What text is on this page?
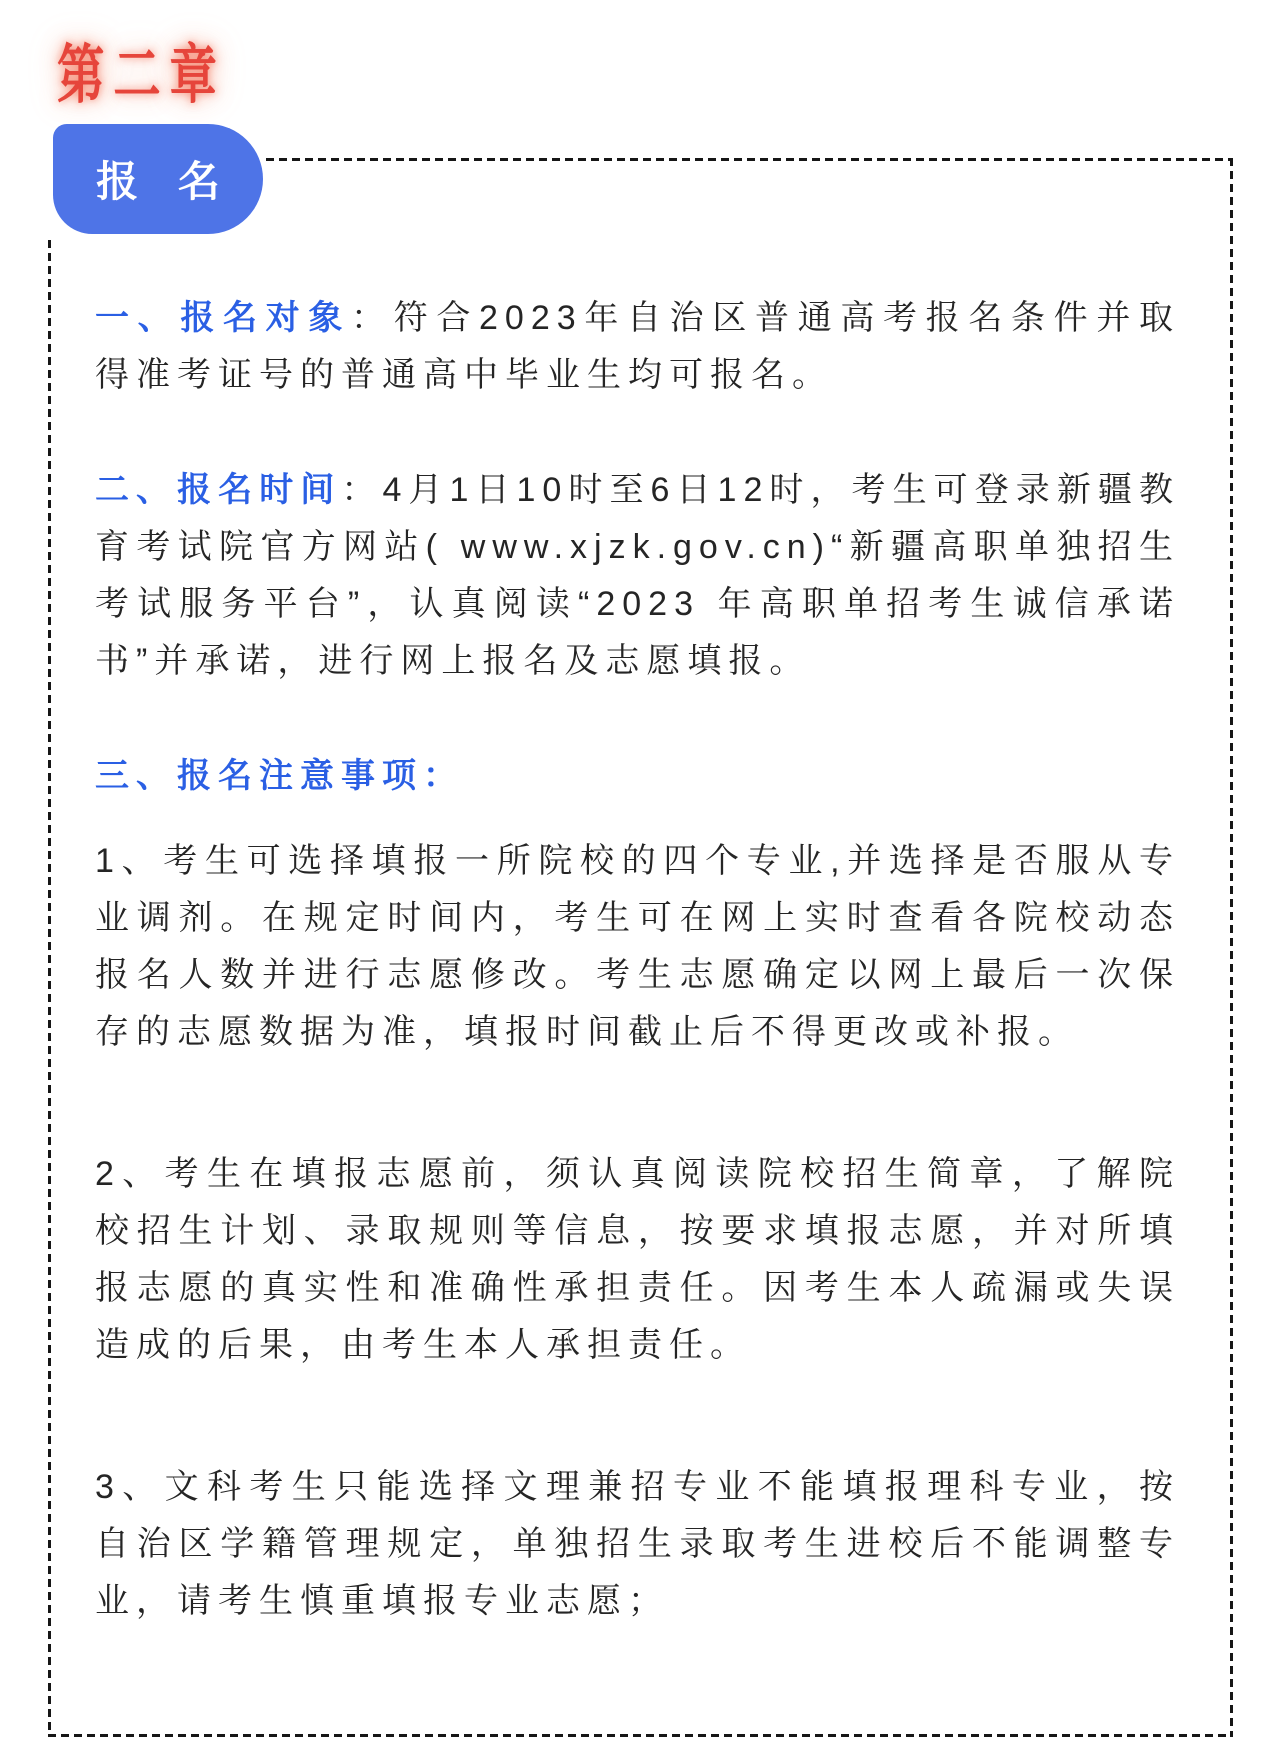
第二章
报 名

一、报名对象：符合2023年自治区普通高考报名条件并取得准考证号的普通高中毕业生均可报名。

二、报名时间：4月1日10时至6日12时，考生可登录新疆教育考试院官方网站( www.xjzk.gov.cn)“新疆高职单独招生考试服务平台”，认真阅读“2023 年高职单招考生诚信承诺书”并承诺，进行网上报名及志愿填报。

三、报名注意事项：

1、考生可选择填报一所院校的四个专业,并选择是否服从专业调剂。在规定时间内，考生可在网上实时查看各院校动态报名人数并进行志愿修改。考生志愿确定以网上最后一次保存的志愿数据为准，填报时间截止后不得更改或补报。

2、考生在填报志愿前，须认真阅读院校招生简章，了解院校招生计划、录取规则等信息，按要求填报志愿，并对所填报志愿的真实性和准确性承担责任。因考生本人疏漏或失误造成的后果，由考生本人承担责任。

3、文科考生只能选择文理兼招专业不能填报理科专业，按自治区学籍管理规定，单独招生录取考生进校后不能调整专业，请考生慎重填报专业志愿；
